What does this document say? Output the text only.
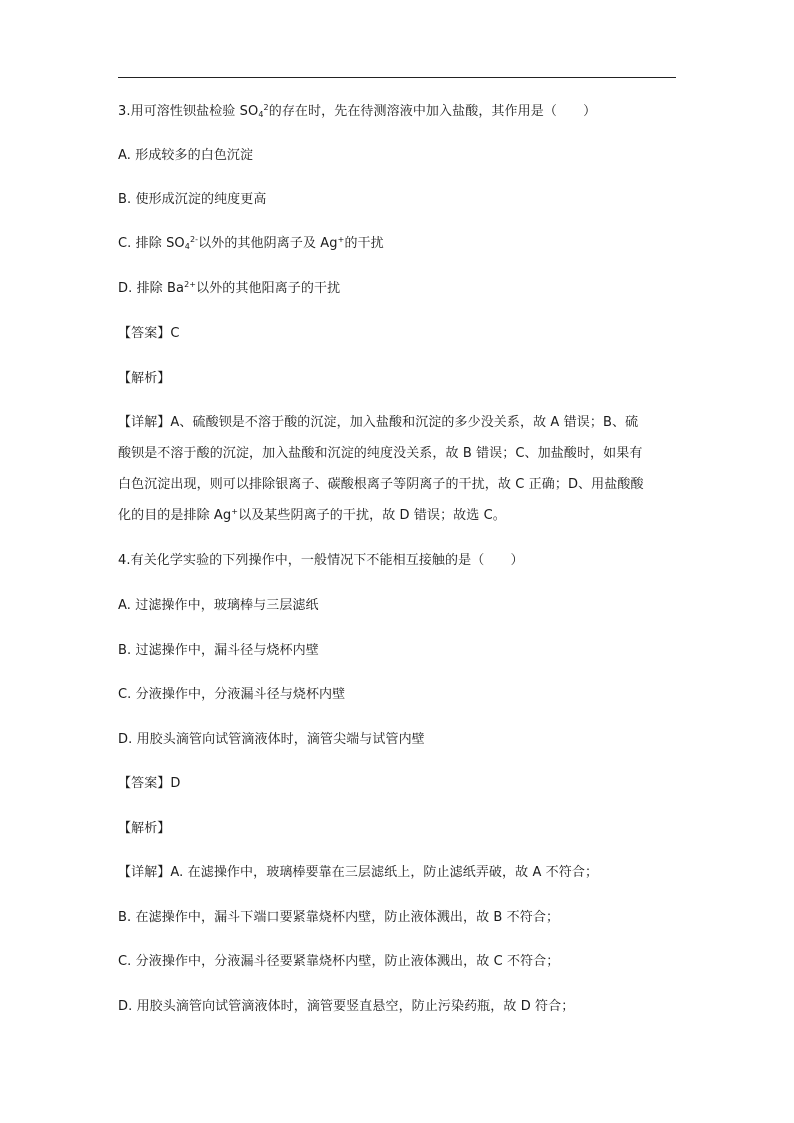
3.用可溶性钡盐检验 $SO_4^2$的存在时，先在待测溶液中加入盐酸，其作用是（　　）
A. 形成较多的白色沉淀
B. 使形成沉淀的纯度更高
C. 排除 $SO_4^{2-}$以外的其他阴离子及 Ag+的干扰
D. 排除 $Ba^{2+}$以外的其他阳离子的干扰
【答案】C
【解析】
【详解】A、硫酸钡是不溶于酸的沉淀，加入盐酸和沉淀的多少没关系，故 A 错误；B、硫
酸钡是不溶于酸的沉淀，加入盐酸和沉淀的纯度没关系，故 B 错误；C、加盐酸时，如果有
白色沉淀出现，则可以排除银离子、碳酸根离子等阴离子的干扰，故 C 正确；D、用盐酸酸
化的目的是排除 Ag+以及某些阴离子的干扰，故 D 错误；故选 C。
4.有关化学实验的下列操作中，一般情况下不能相互接触的是（　　）
A. 过滤操作中，玻璃棒与三层滤纸
B. 过滤操作中，漏斗径与烧杯内壁
C. 分液操作中，分液漏斗径与烧杯内壁
D. 用胶头滴管向试管滴液体时，滴管尖端与试管内壁
【答案】D
【解析】
【详解】A. 在滤操作中，玻璃棒要靠在三层滤纸上，防止滤纸弄破，故 A 不符合；
B. 在滤操作中，漏斗下端口要紧靠烧杯内壁，防止液体溅出，故 B 不符合；
C. 分液操作中，分液漏斗径要紧靠烧杯内壁，防止液体溅出，故 C 不符合；
D. 用胶头滴管向试管滴液体时，滴管要竖直悬空，防止污染药瓶，故 D 符合；
